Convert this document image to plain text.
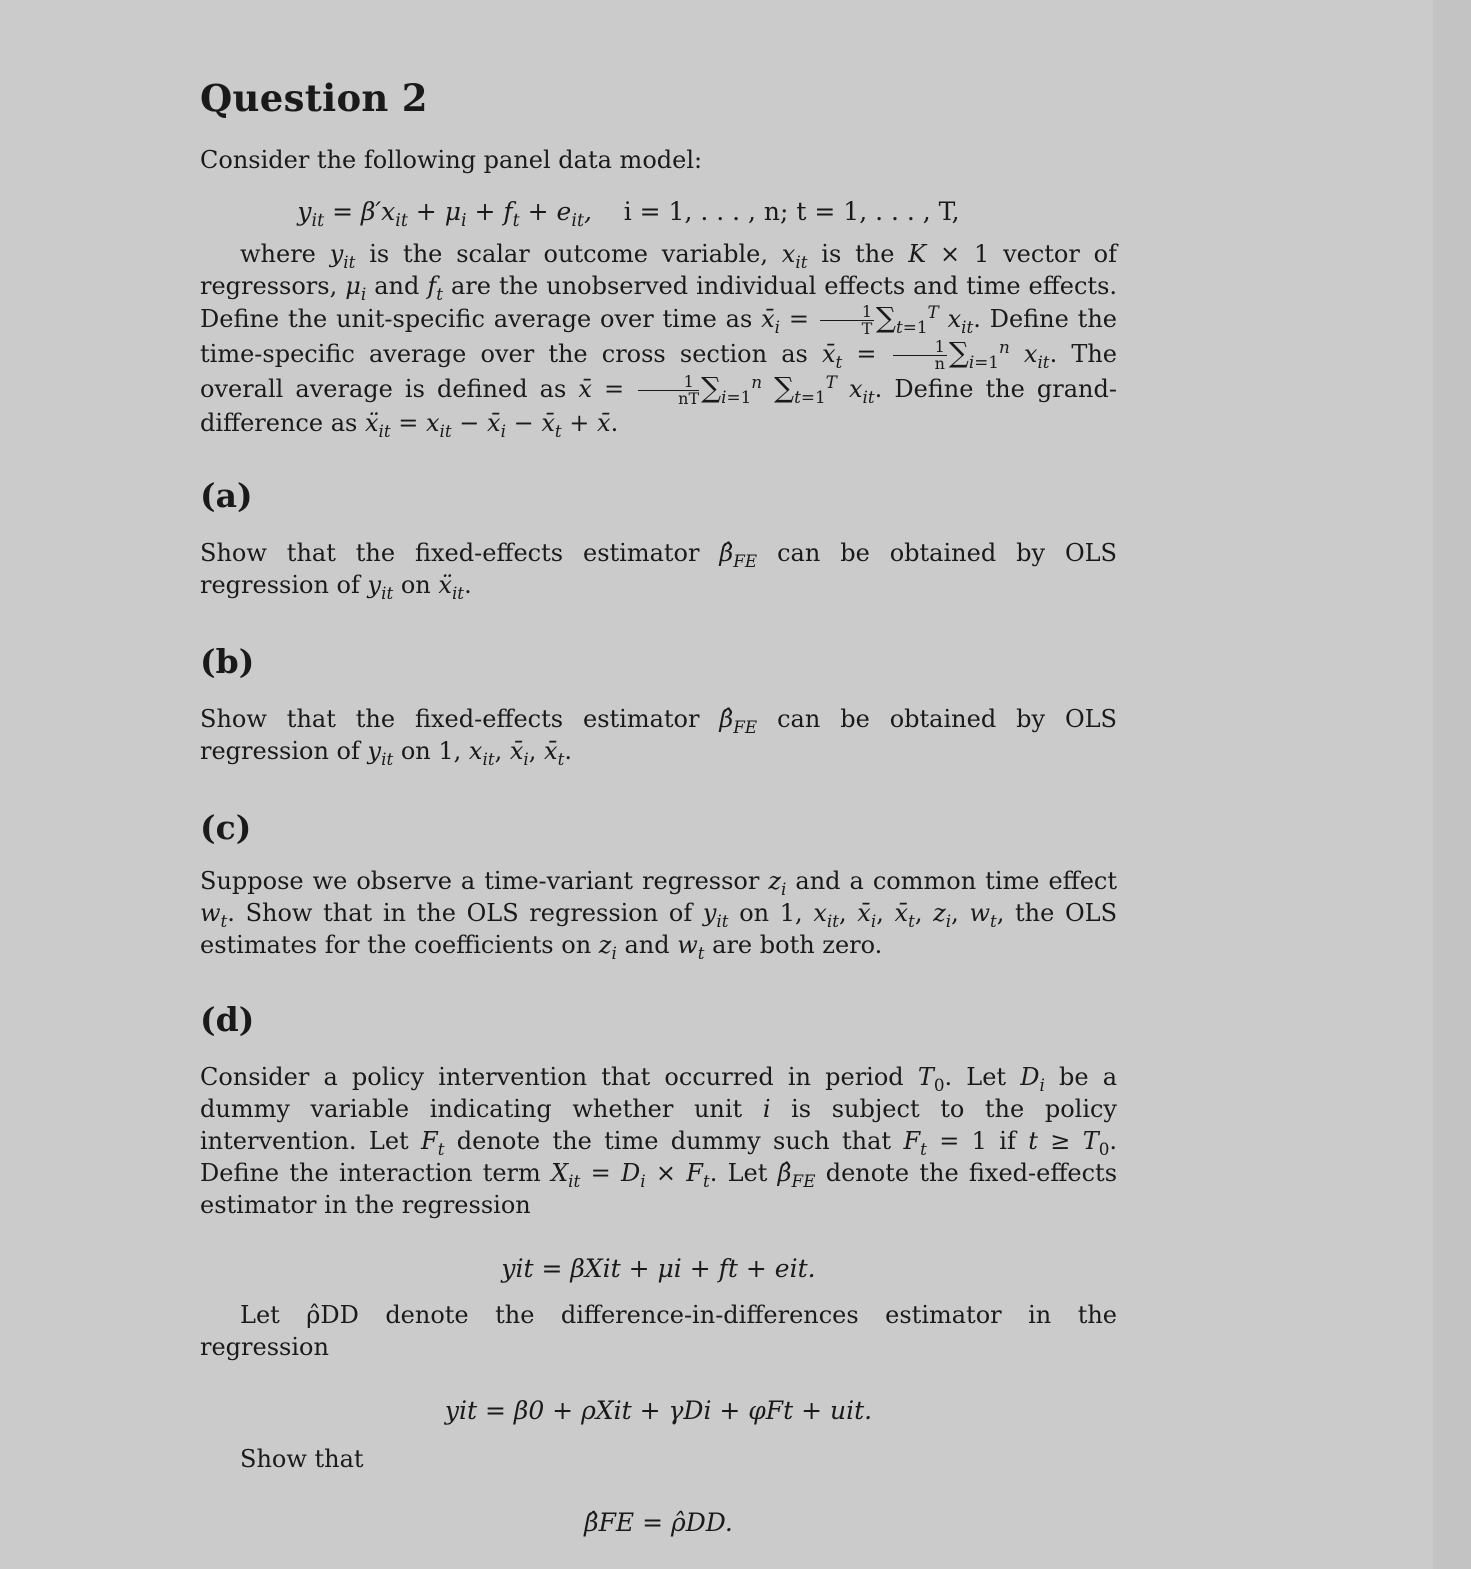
Question 2

Consider the following panel data model:

$y_{it} = \beta'x_{it} + \mu_i + f_t + e_{it}$,    i = 1, . . . , n; t = 1, . . . , T,

where $y_{it}$ is the scalar outcome variable, $x_{it}$ is the K × 1 vector of regressors, $\mu_i$ and $f_t$ are the unobserved individual effects and time effects. Define the unit-specific average over time as $x̄_i = \frac{1}{T} \sum_{t=1}^T$ $x_{it}$. Define the time-specific average over the cross section as $x̄_t = \frac{1}{n} \sum_{i=1}^n$ $x_{it}$. The overall average is defined as x̄ = $\frac{1}{nT} \sum_{i=1}^n$ $\sum_{t=1}^T$ $x_{it}$. Define the grand-difference as ẍ$_{it}$ = $x_{it}$ − $x̄_i$ − $x̄_t$ + x̄.

(a)

Show that the fixed-effects estimator $\betâ_{FE}$ can be obtained by OLS regression of $y_{it}$ on ẍ$_{it}$.

(b)

Show that the fixed-effects estimator $\betâ_{FE}$ can be obtained by OLS regression of $y_{it}$ on 1, $x_{it}$, $x̄_i$, $x̄_t$.

(c)

Suppose we observe a time-variant regressor $z_i$ and a common time effect $w_t$. Show that in the OLS regression of $y_{it}$ on 1, $x_{it}$, $x̄_i$, $x̄_t$, $z_i$, $w_t$, the OLS estimates for the coefficients on $z_i$ and $w_t$ are both zero.

(d)

Consider a policy intervention that occurred in period $T_0$. Let $D_i$ be a dummy variable indicating whether unit i is subject to the policy intervention. Let $F_t$ denote the time dummy such that $F_t = 1$ if $t \ge T_0$. Define the interaction term $X_{it} = D_i \times F_t$. Let $\betâ_{FE}$ denote the fixed-effects estimator in the regression

yit = βXit + μi + ft + eit.

Let ρ̂DD denote the difference-in-differences estimator in the regression

yit = β0 + ρXit + γDi + φFt + uit.

Show that

β̂FE = ρ̂DD.
